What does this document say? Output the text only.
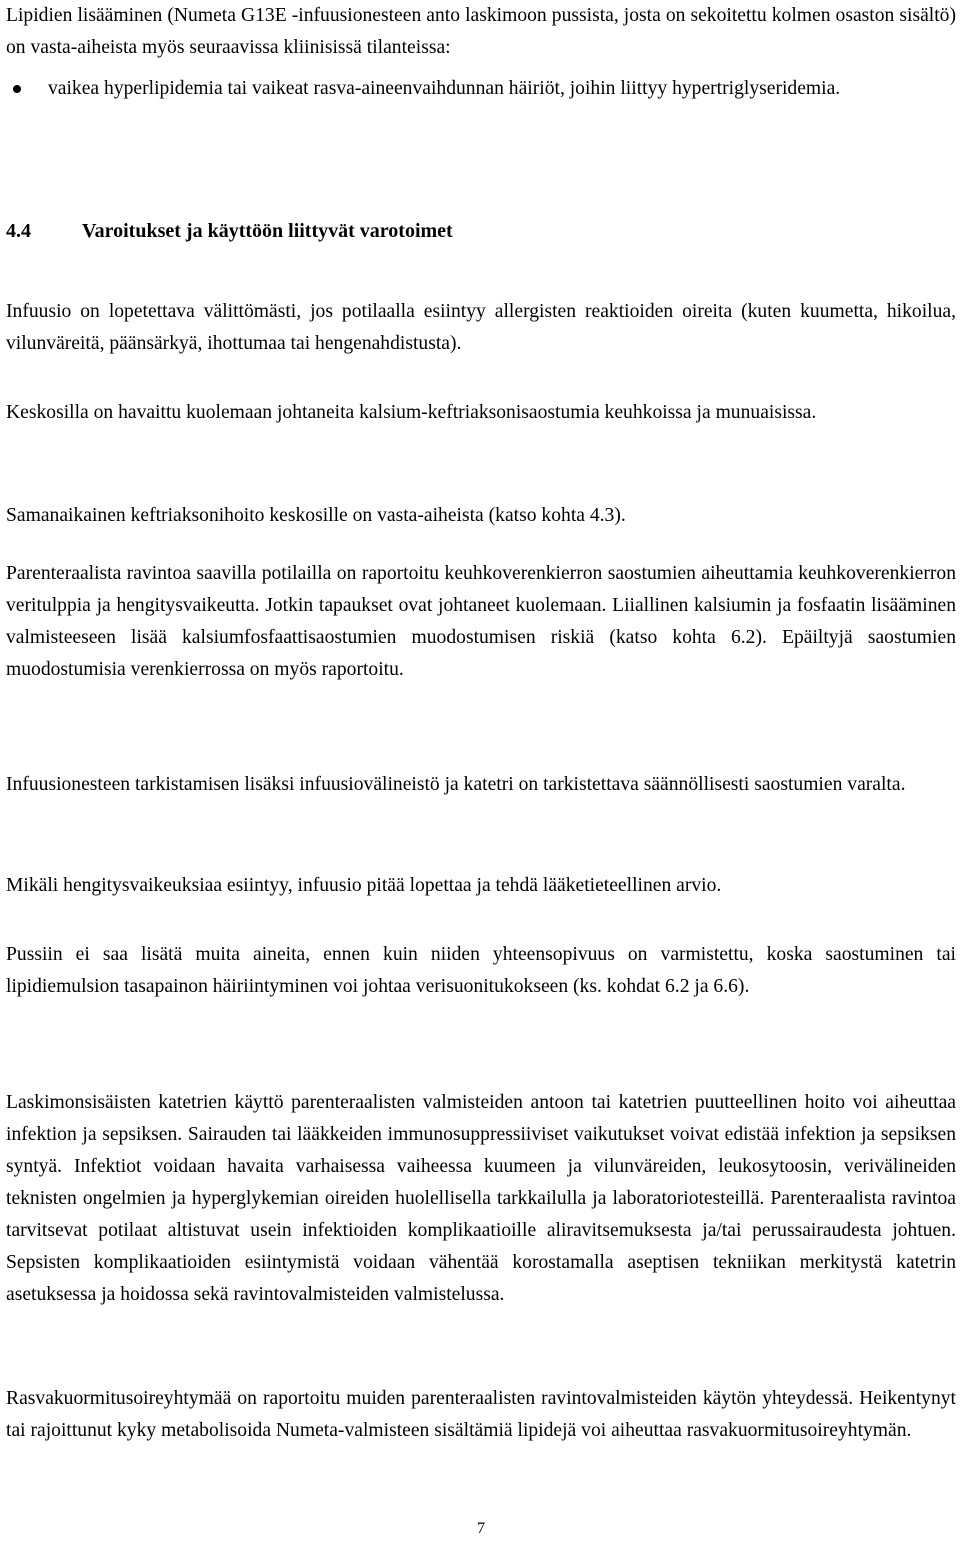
Lipidien lisääminen (Numeta G13E -infuusionesteen anto laskimoon pussista, josta on sekoitettu kolmen osaston sisältö) on vasta-aiheista myös seuraavissa kliinisissä tilanteissa:

vaikea hyperlipidemia tai vaikeat rasva-aineenvaihdunnan häiriöt, joihin liittyy hypertriglyseridemia.

4.4	Varoitukset ja käyttöön liittyvät varotoimet

Infuusio on lopetettava välittömästi, jos potilaalla esiintyy allergisten reaktioiden oireita (kuten kuumetta, hikoilua, vilunväreitä, päänsärkyä, ihottumaa tai hengenahdistusta).

Keskosilla on havaittu kuolemaan johtaneita kalsium-keftriaksonisaostumia keuhkoissa ja munuaisissa.

Samanaikainen keftriaksonihoito keskosille on vasta-aiheista (katso kohta 4.3).

Parenteraalista ravintoa saavilla potilailla on raportoitu keuhkoverenkierron saostumien aiheuttamia keuhkoverenkierron veritulppia ja hengitysvaikeutta. Jotkin tapaukset ovat johtaneet kuolemaan. Liiallinen kalsiumin ja fosfaatin lisääminen valmisteeseen lisää kalsiumfosfaattisaostumien muodostumisen riskiä (katso kohta 6.2). Epäiltyjä saostumien muodostumisia verenkierrossa on myös raportoitu.

Infuusionesteen tarkistamisen lisäksi infuusiovälineistö ja katetri on tarkistettava säännöllisesti saostumien varalta.

Mikäli hengitysvaikeuksiaa esiintyy, infuusio pitää lopettaa ja tehdä lääketieteellinen arvio.

Pussiin ei saa lisätä muita aineita, ennen kuin niiden yhteensopivuus on varmistettu, koska saostuminen tai lipidiemulsion tasapainon häiriintyminen voi johtaa verisuonitukokseen (ks. kohdat 6.2 ja 6.6).

Laskimonsisäisten katetrien käyttö parenteraalisten valmisteiden antoon tai katetrien puutteellinen hoito voi aiheuttaa infektion ja sepsiksen. Sairauden tai lääkkeiden immunosuppressiiviset vaikutukset voivat edistää infektion ja sepsiksen syntyä. Infektiot voidaan havaita varhaisessa vaiheessa kuumeen ja vilunväreiden, leukosytoosin, verivälineiden teknisten ongelmien ja hyperglykemian oireiden huolellisella tarkkailulla ja laboratoriotesteillä. Parenteraalista ravintoa tarvitsevat potilaat altistuvat usein infektioiden komplikaatioille aliravitsemuksesta ja/tai perussairaudesta johtuen. Sepsisten komplikaatioiden esiintymistä voidaan vähentää korostamalla aseptisen tekniikan merkitystä katetrin asetuksessa ja hoidossa sekä ravintovalmisteiden valmistelussa.

Rasvakuormitusoireyhtymää on raportoitu muiden parenteraalisten ravintovalmisteiden käytön yhteydessä. Heikentynyt tai rajoittunut kyky metabolisoida Numeta-valmisteen sisältämiä lipidejä voi aiheuttaa rasvakuormitusoireyhtymän.

7
